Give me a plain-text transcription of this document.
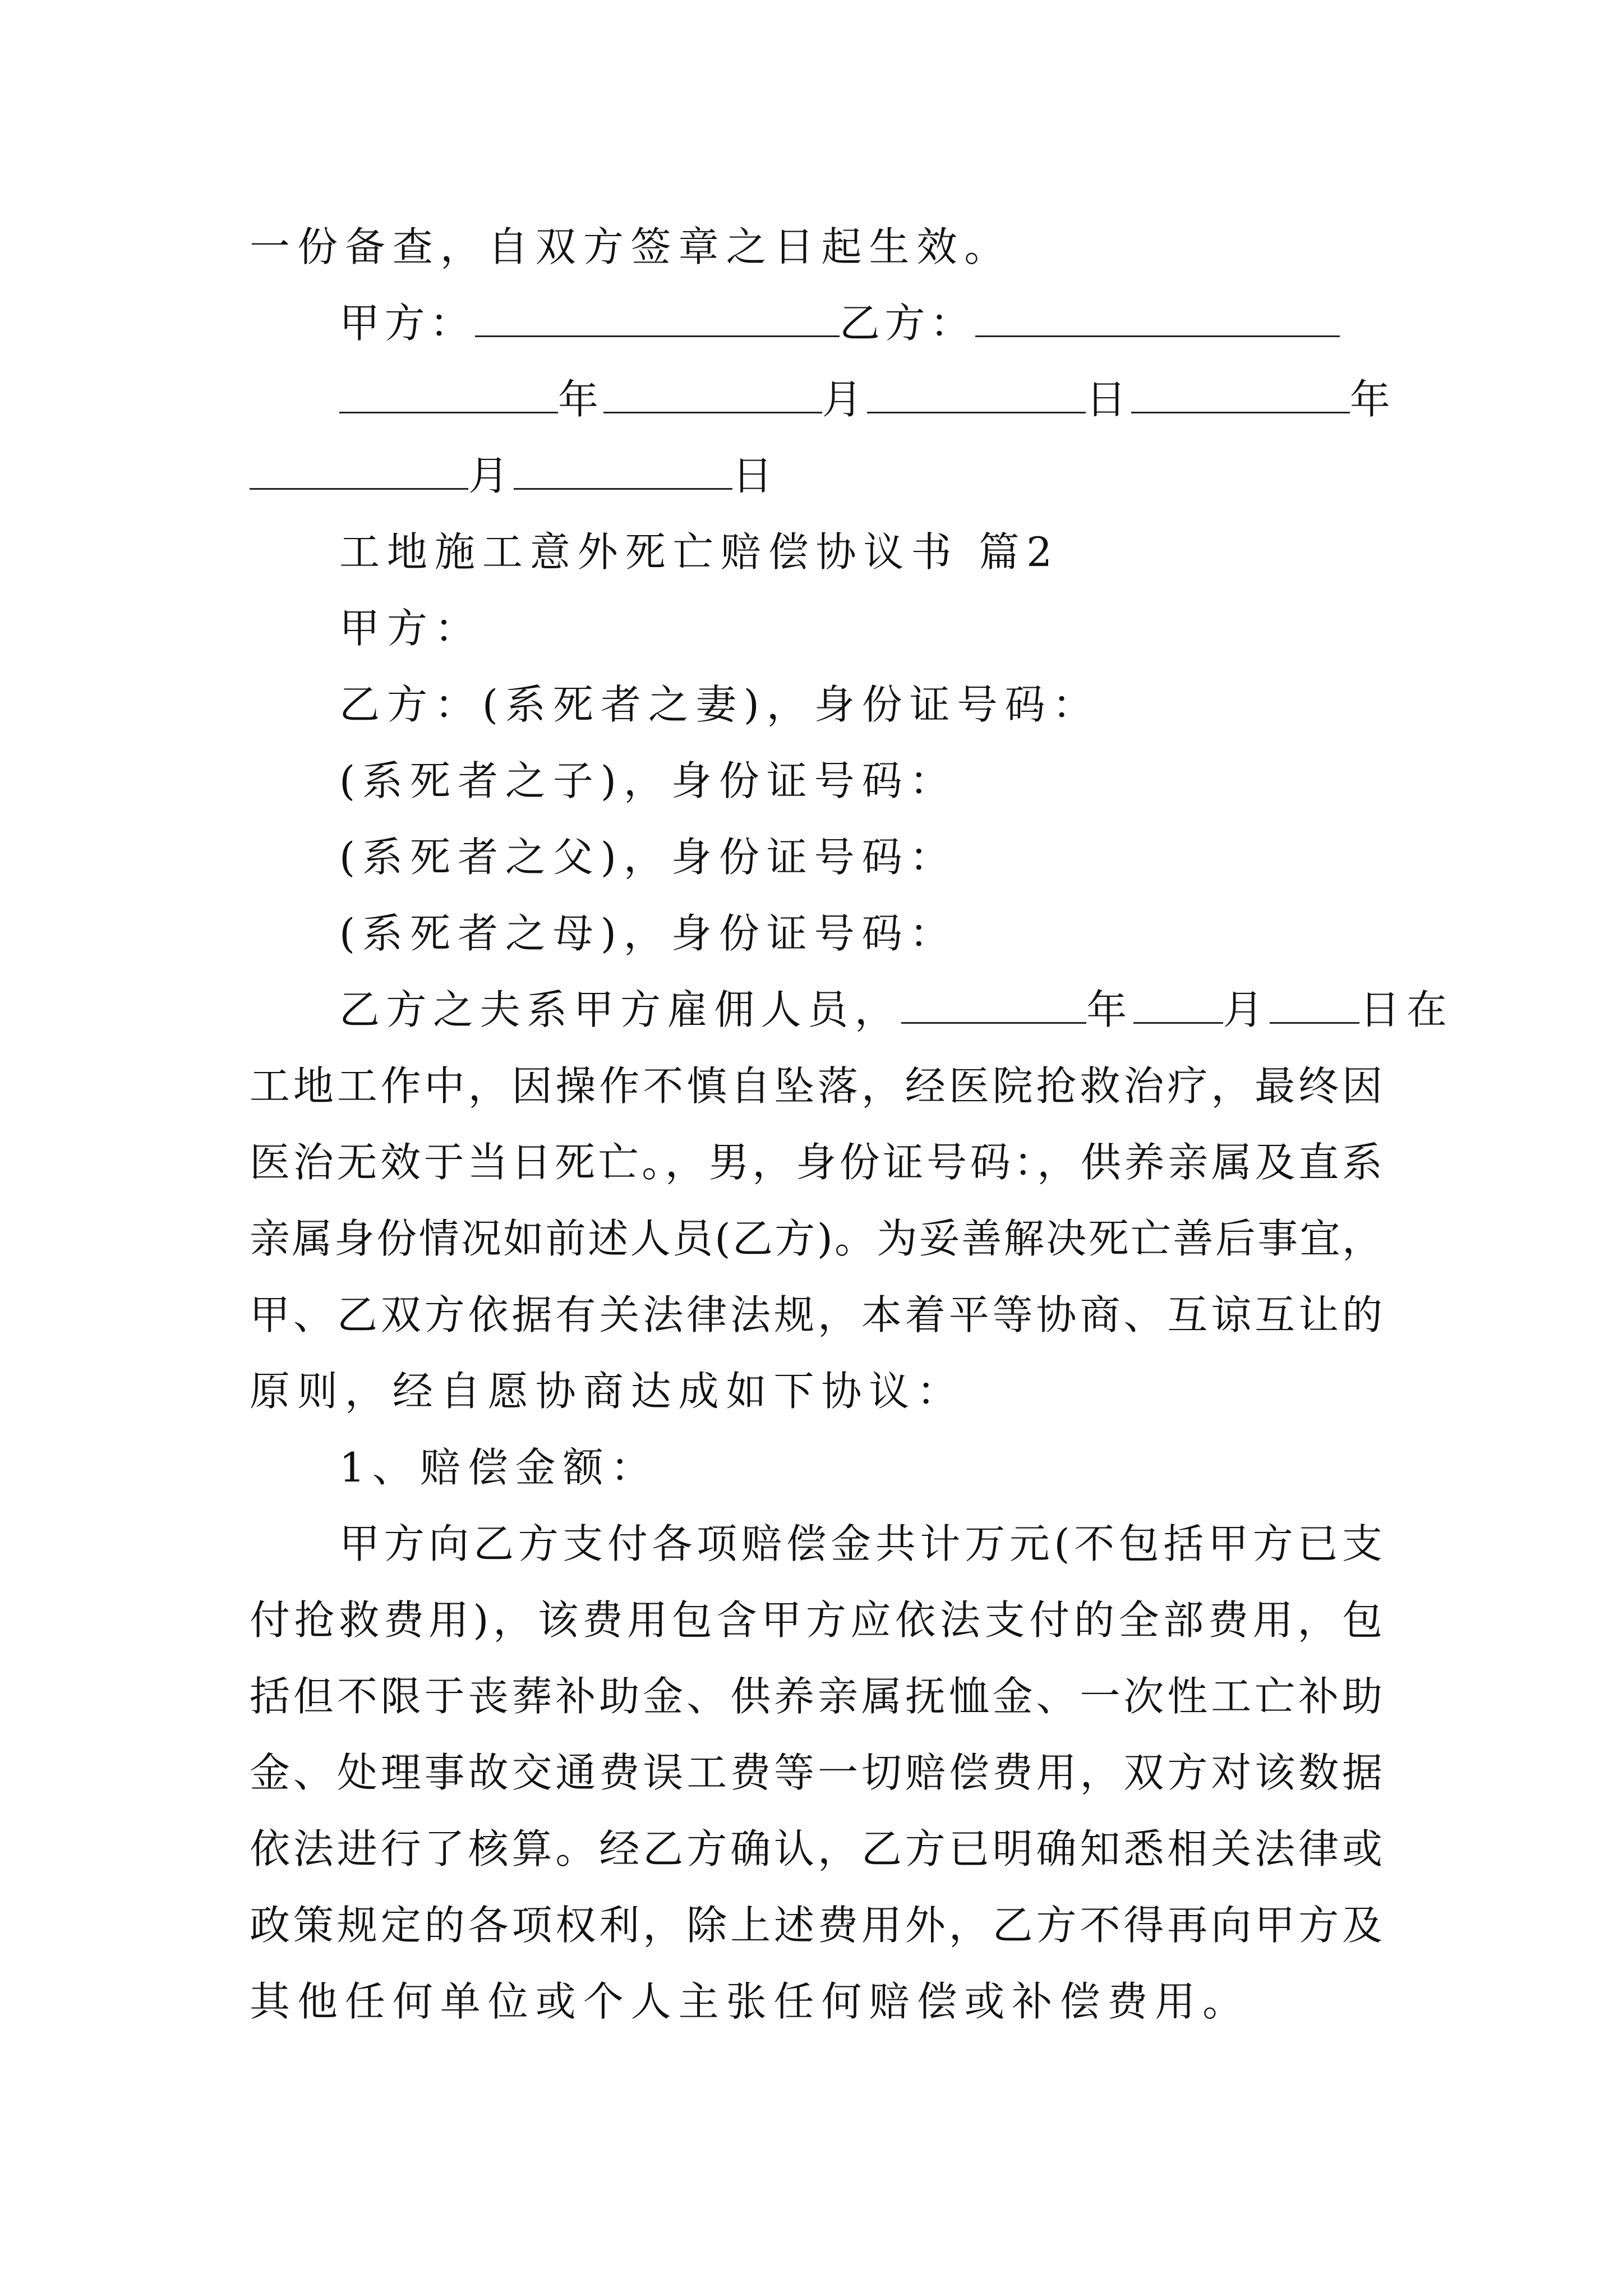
一份备查，自双方签章之日起生效。
甲方：	乙方：
年	月	日	年
月	日
工地施工意外死亡赔偿协议书 篇2
甲方：
乙方：(系死者之妻)，身份证号码：
(系死者之子)，身份证号码：
(系死者之父)，身份证号码：
(系死者之母)，身份证号码：
乙方之夫系甲方雇佣人员，	年 月 日在
工地工作中，因操作不慎自坠落，经医院抢救治疗，最终因
医治无效于当日死亡。，男，身份证号码：，供养亲属及直系
亲属身份情况如前述人员(乙方)。为妥善解决死亡善后事宜，
甲、乙双方依据有关法律法规，本着平等协商、互谅互让的
原则，经自愿协商达成如下协议：
1、赔偿金额：
甲方向乙方支付各项赔偿金共计万元(不包括甲方已支
付抢救费用)，该费用包含甲方应依法支付的全部费用，包
括但不限于丧葬补助金、供养亲属抚恤金、一次性工亡补助
金、处理事故交通费误工费等一切赔偿费用，双方对该数据
依法进行了核算。经乙方确认，乙方已明确知悉相关法律或
政策规定的各项权利，除上述费用外，乙方不得再向甲方及
其他任何单位或个人主张任何赔偿或补偿费用。
